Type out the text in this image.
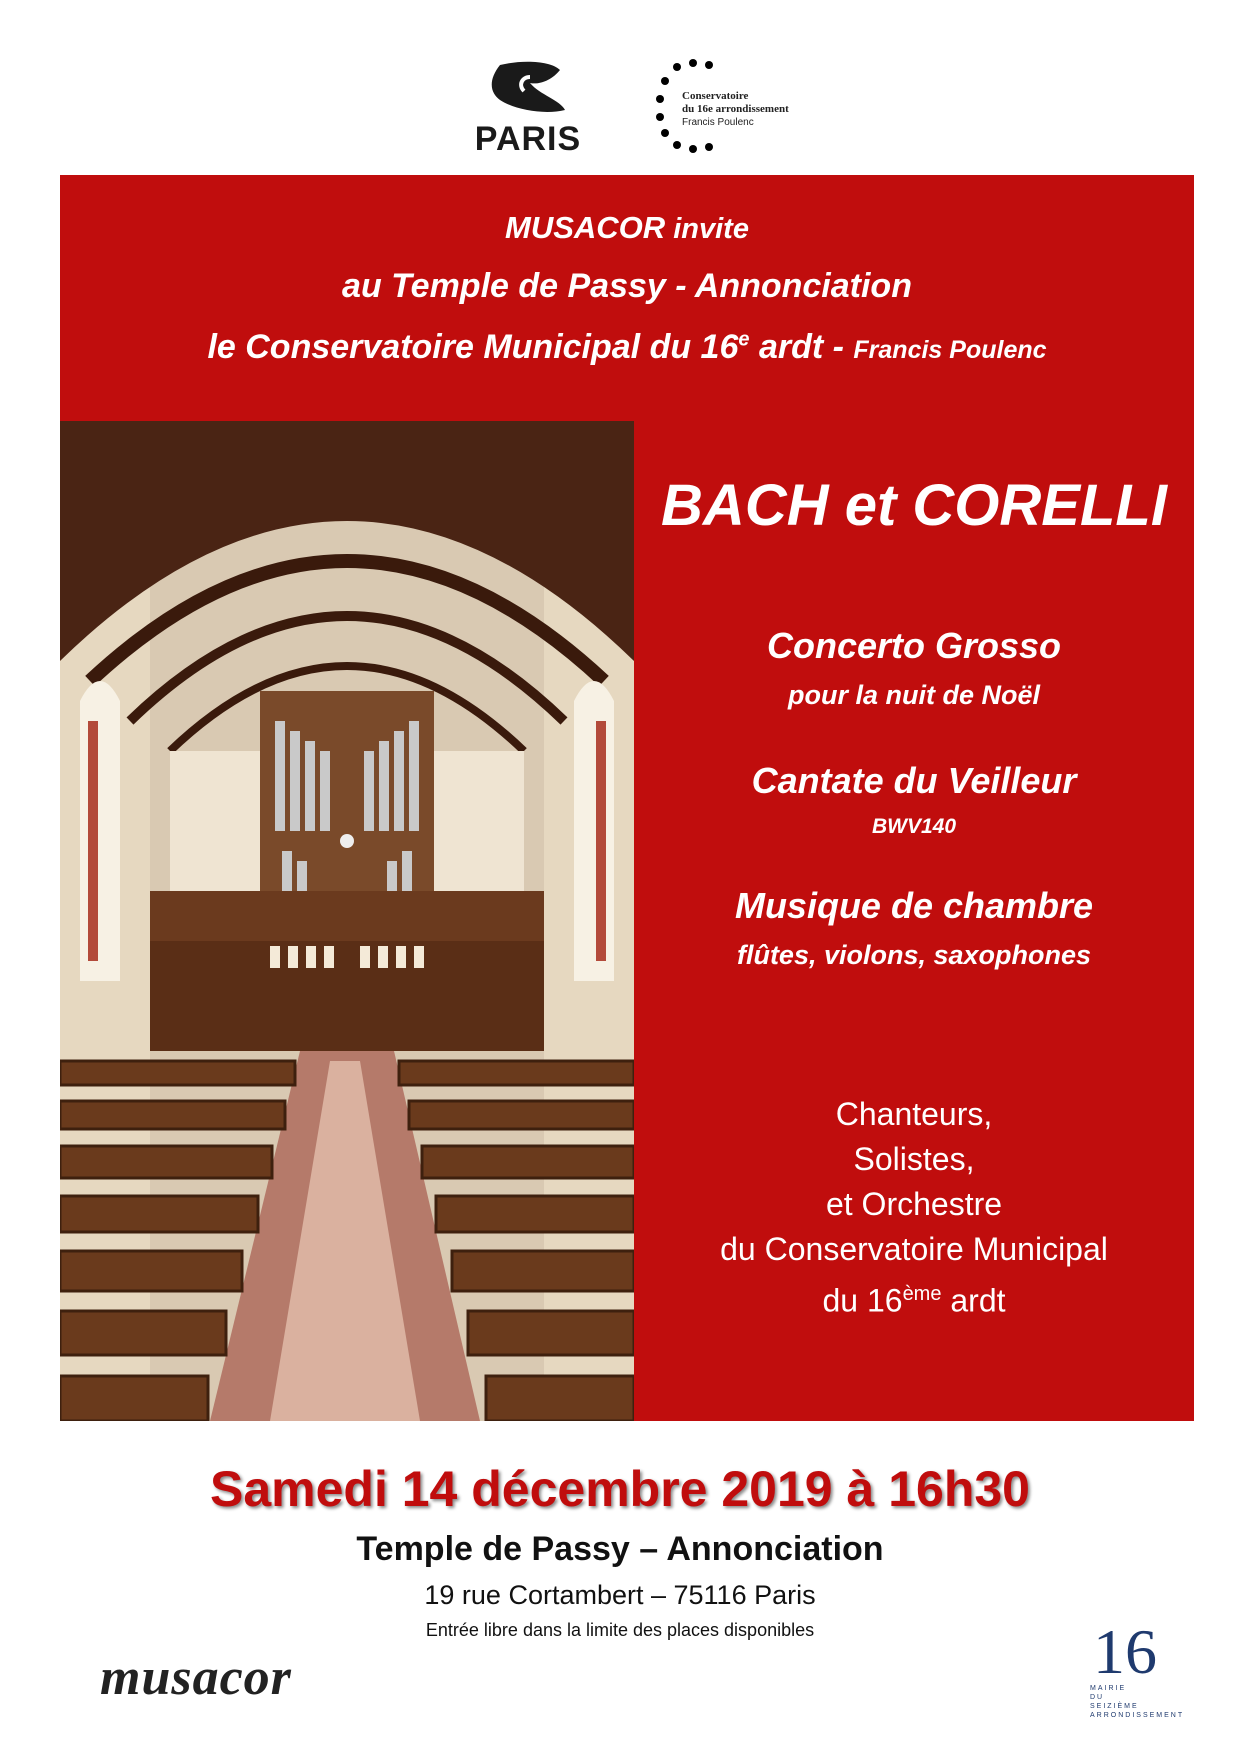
PARIS
Conservatoire
du 16e arrondissement
Francis Poulenc
MUSACOR invite
au Temple de Passy - Annonciation
le Conservatoire Municipal du 16e ardt - Francis Poulenc
BACH et CORELLI
Concerto Grosso
pour la nuit de Noël
Cantate du Veilleur
BWV140
Musique de chambre
flûtes, violons, saxophones
Chanteurs,
Solistes,
et Orchestre
du Conservatoire Municipal
du 16ème ardt
Samedi 14 décembre 2019 à 16h30
Temple de Passy – Annonciation
19 rue Cortambert – 75116 Paris
Entrée libre dans la limite des places disponibles
musacor	16
MAIRIE
DU
SEIZIÈME
ARRONDISSEMENT
